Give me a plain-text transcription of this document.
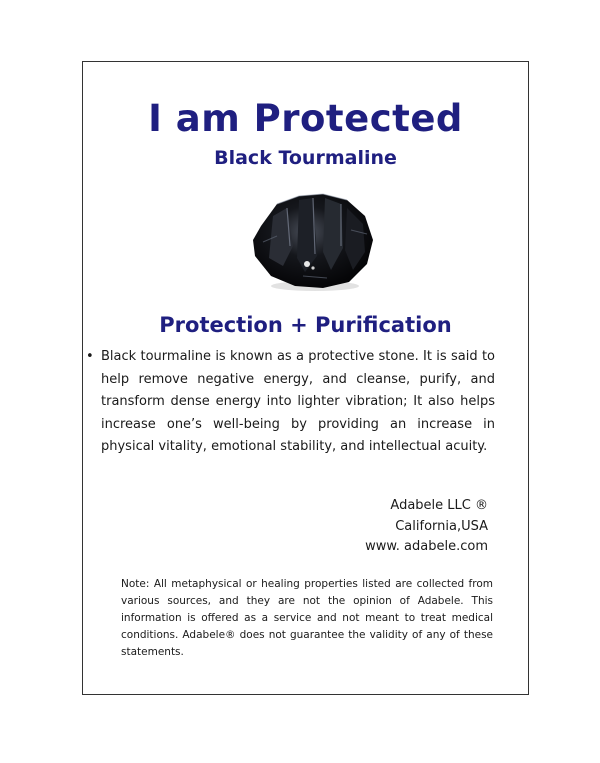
I am Protected
Black Tourmaline
Protection + Purification
• Black tourmaline is known as a protective stone. It is said to help remove negative energy, and cleanse, purify, and transform dense energy into lighter vibration; It also helps increase one’s well-being by providing an increase in physical vitality, emotional stability, and intellectual acuity.
Adabele LLC ®
California,USA
www. adabele.com
Note: All metaphysical or healing properties listed are collected from various sources, and they are not the opinion of Adabele. This information is offered as a service and not meant to treat medical conditions. Adabele® does not guarantee the validity of any of these statements.
